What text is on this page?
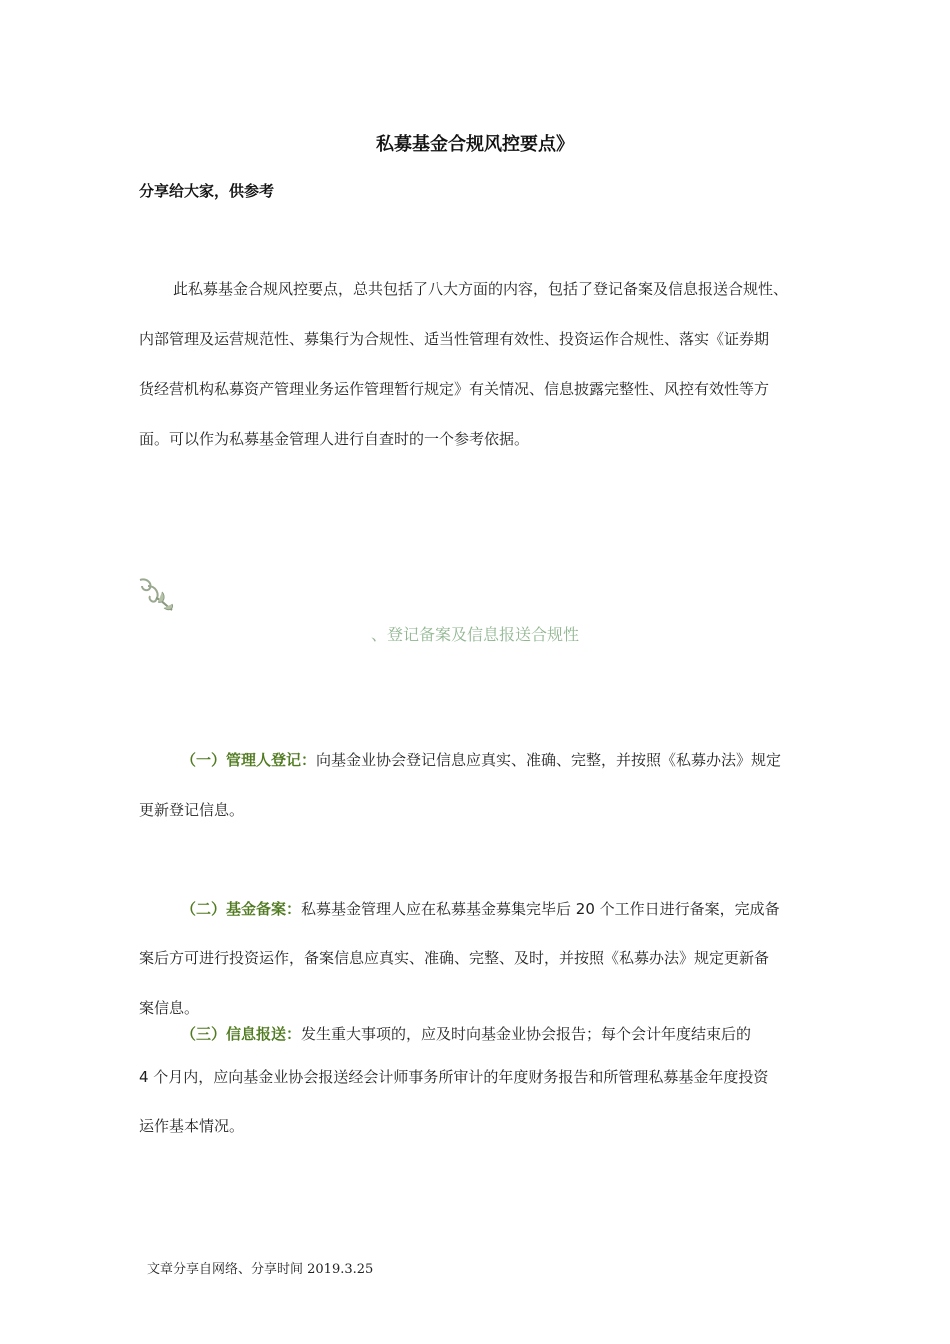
私募基金合规风控要点》
分享给大家，供参考
此私募基金合规风控要点，总共包括了八大方面的内容，包括了登记备案及信息报送合规性、
内部管理及运营规范性、募集行为合规性、适当性管理有效性、投资运作合规性、落实《证券期
货经营机构私募资产管理业务运作管理暂行规定》有关情况、信息披露完整性、风控有效性等方
面。可以作为私募基金管理人进行自查时的一个参考依据。
、登记备案及信息报送合规性
（一）管理人登记：向基金业协会登记信息应真实、准确、完整，并按照《私募办法》规定
更新登记信息。
（二）基金备案：私募基金管理人应在私募基金募集完毕后 20 个工作日进行备案，完成备
案后方可进行投资运作，备案信息应真实、准确、完整、及时，并按照《私募办法》规定更新备
案信息。
（三）信息报送：发生重大事项的，应及时向基金业协会报告；每个会计年度结束后的
4 个月内，应向基金业协会报送经会计师事务所审计的年度财务报告和所管理私募基金年度投资
运作基本情况。
文章分享自网络、分享时间 2019.3.25
